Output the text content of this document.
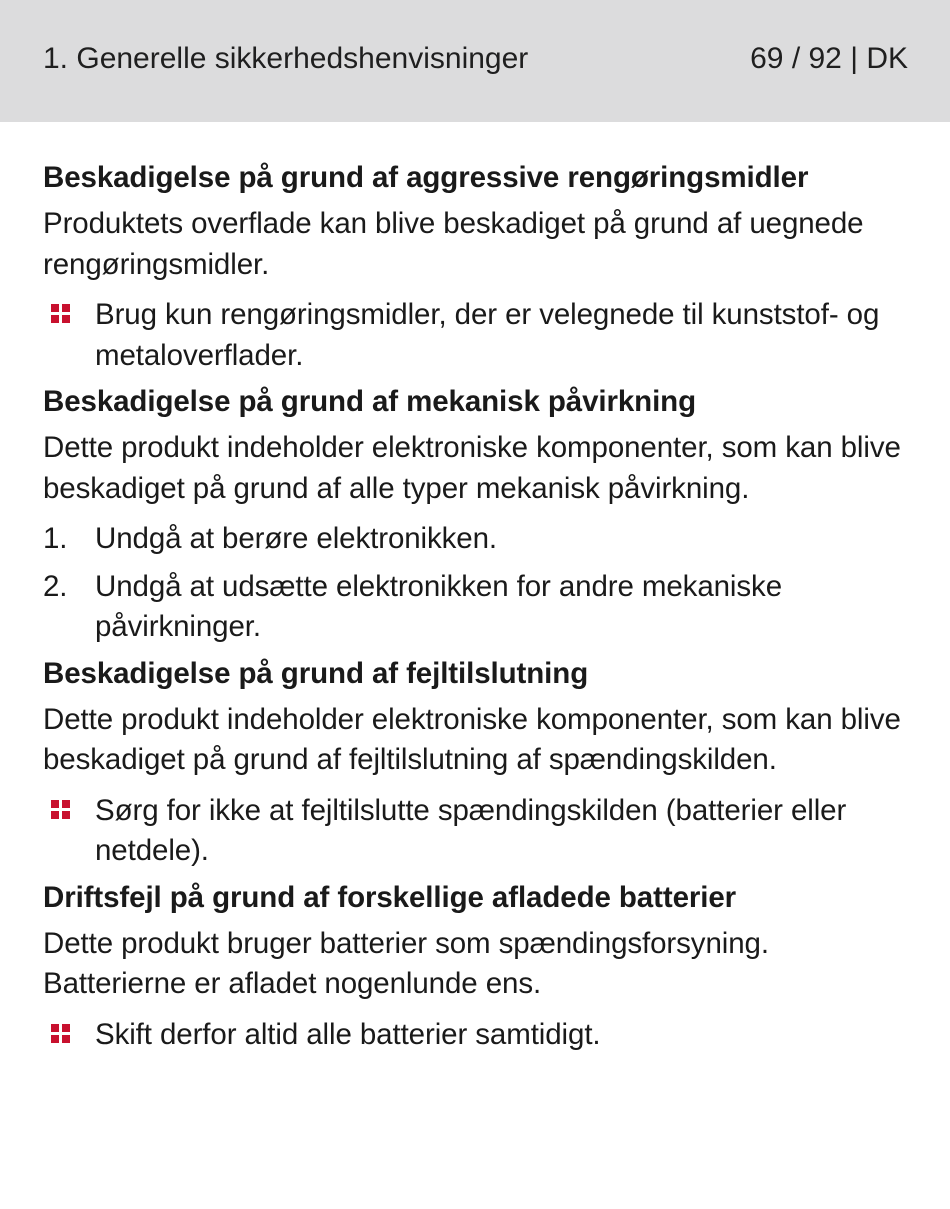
1. Generelle sikkerhedshenvisninger	69 / 92 | DK
Beskadigelse på grund af aggressive rengøringsmidler

Produktets overflade kan blive beskadiget på grund af uegnede rengøringsmidler.

Brug kun rengøringsmidler, der er velegnede til kunststof- og metaloverflader.
Beskadigelse på grund af mekanisk påvirkning

Dette produkt indeholder elektroniske komponenter, som kan blive beskadiget på grund af alle typer mekanisk påvirkning.

1. Undgå at berøre elektronikken.
2. Undgå at udsætte elektronikken for andre mekaniske påvirkninger.
Beskadigelse på grund af fejltilslutning

Dette produkt indeholder elektroniske komponenter, som kan blive beskadiget på grund af fejltilslutning af spændingskilden.

Sørg for ikke at fejltilslutte spændingskilden (batterier eller netdele).
Driftsfejl på grund af forskellige afladede batterier

Dette produkt bruger batterier som spændingsforsyning. Batterierne er afladet nogenlunde ens.

Skift derfor altid alle batterier samtidigt.
